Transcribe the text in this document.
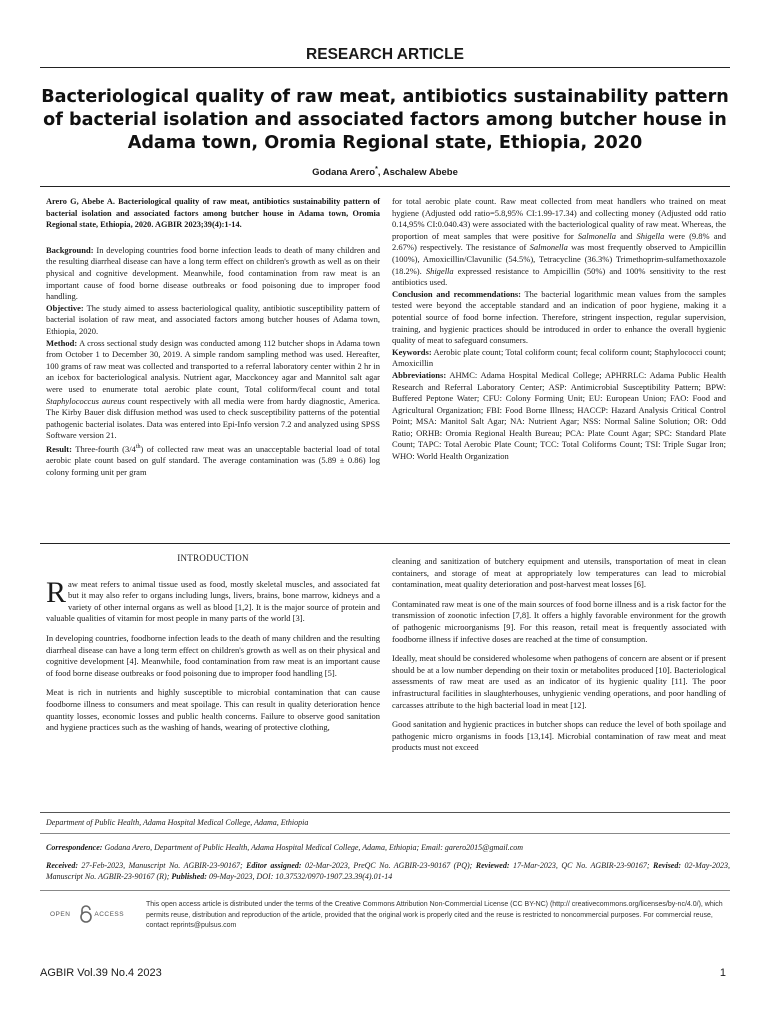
RESEARCH ARTICLE
Bacteriological quality of raw meat, antibiotics sustainability pattern
of bacterial isolation and associated factors among butcher house in
Adama town, Oromia Regional state, Ethiopia, 2020
Godana Arero*, Aschalew Abebe

Arero G, Abebe A. Bacteriological quality of raw meat, antibiotics sustainability pattern of bacterial isolation and associated factors among butcher house in Adama town, Oromia Regional state, Ethiopia, 2020. AGBIR 2023;39(4):1-14.

Background: In developing countries food borne infection leads to death of many children and the resulting diarrheal disease can have a long term effect on children's growth as well as on their physical and cognitive development. Meanwhile, food contamination from raw meat is an important cause of food borne disease outbreaks or food poisoning due to improper food handling.

Objective: The study aimed to assess bacteriological quality, antibiotic susceptibility pattern of bacterial isolation of raw meat, and associated factors among butcher houses of Adama town, Ethiopia, 2020.

Method: A cross sectional study design was conducted among 112 butcher shops in Adama town from October 1 to December 30, 2019. A simple random sampling method was used. Hereafter, 100 grams of raw meat was collected and transported to a referral laboratory center within 2 hr in an icebox for bacteriological analysis. Nutrient agar, Macckoncey agar and Mannitol salt agar were used to enumerate total aerobic plate count, Total coliform/fecal count and total Staphylococcus aureus count respectively with all media were from hardy diagnostic, America. The Kirby Bauer disk diffusion method was used to check susceptibility patterns of the potential pathogenic bacterial isolates. Data was entered into Epi-Info version 7.2 and analyzed using SPSS Software version 21.

Result: Three-fourth (3/4th) of collected raw meat was an unacceptable bacterial load of total aerobic plate count based on gulf standard. The average contamination was (5.89 ± 0.86) log colony forming unit per gram

for total aerobic plate count. Raw meat collected from meat handlers who trained on meat hygiene (Adjusted odd ratio=5.8,95% CI:1.99-17.34) and collecting money (Adjusted odd ratio 0.14,95% CI:0.040.43) were associated with the bacteriological quality of raw meat. Whereas, the proportion of meat samples that were positive for Salmonella and Shigella were (9.8% and 2.67%) respectively. The resistance of Salmonella was most frequently observed to Ampicillin (100%), Amoxicillin/Clavunilic (54.5%), Tetracycline (36.3%) Trimethoprim-sulfamethoxazole (18.2%). Shigella expressed resistance to Ampicillin (50%) and 100% sensitivity to the rest antibiotics used.

Conclusion and recommendations: The bacterial logarithmic mean values from the samples tested were beyond the acceptable standard and an indication of poor hygiene, making it a potential source of food borne infection. Therefore, stringent inspection, regular supervision, training, and hygienic practices should be introduced in order to enhance the overall hygienic quality of meat to safeguard consumers.

Keywords: Aerobic plate count; Total coliform count; fecal coliform count; Staphylococci count; Amoxicillin

Abbreviations: AHMC: Adama Hospital Medical College; APHRRLC: Adama Public Health Research and Referral Laboratory Center; ASP: Antimicrobial Susceptibility Pattern; BPW: Buffered Peptone Water; CFU: Colony Forming Unit; EU: European Union; FAO: Food and Agricultural Organization; FBI: Food Borne Illness; HACCP: Hazard Analysis Critical Control Point; MSA: Manitol Salt Agar; NA: Nutrient Agar; NSS: Normal Saline Solution; OR: Odd Ratio; ORHB: Oromia Regional Health Bureau; PCA: Plate Count Agar; SPC: Standard Plate Count; TAPC: Total Aerobic Plate Count; TCC: Total Coliforms Count; TSI: Triple Sugar Iron; WHO: World Health Organization

INTRODUCTION

Raw meat refers to animal tissue used as food, mostly skeletal muscles, and associated fat but it may also refer to organs including lungs, livers, brains, bone marrow, kidneys and a variety of other internal organs as well as blood [1,2]. It is the major source of protein and valuable qualities of vitamin for most people in many parts of the world [3].

In developing countries, foodborne infection leads to the death of many children and the resulting diarrheal disease can have a long term effect on children's growth as well as on their physical and cognitive development [4]. Meanwhile, food contamination from raw meat is an important cause of food borne disease outbreaks or food poisoning due to improper food handling [5].

Meat is rich in nutrients and highly susceptible to microbial contamination that can cause foodborne illness to consumers and meat spoilage. This can result in quality deterioration hence quantity losses, economic losses and public health concerns. Failure to observe good sanitation and hygiene practices such as the washing of hands, wearing of protective clothing,

cleaning and sanitization of butchery equipment and utensils, transportation of meat in clean containers, and storage of meat at appropriately low temperatures can lead to microbial contamination, meat quality deterioration and post-harvest meat losses [6].

Contaminated raw meat is one of the main sources of food borne illness and is a risk factor for the transmission of zoonotic infection [7,8]. It offers a highly favorable environment for the growth of pathogenic microorganisms [9]. For this reason, retail meat is frequently associated with foodborne illness if infective doses are reached at the time of consumption.

Ideally, meat should be considered wholesome when pathogens of concern are absent or if present should be at a low number depending on their toxin or metabolites produced [10]. Bacteriological assessments of raw meat are used as an indicator of its hygienic quality [11]. The poor infrastructural facilities in slaughterhouses, unhygienic vending operations, and poor handling of carcasses attribute to the high bacterial load in meat [12].

Good sanitation and hygienic practices in butcher shops can reduce the level of both spoilage and pathogenic micro organisms in foods [13,14]. Microbial contamination of raw meat and meat products must not exceed

Department of Public Health, Adama Hospital Medical College, Adama, Ethiopia
Correspondence: Godana Arero, Department of Public Health, Adama Hospital Medical College, Adama, Ethiopia; Email: garero2015@gmail.com
Received: 27-Feb-2023, Manuscript No. AGBIR-23-90167; Editor assigned: 02-Mar-2023, PreQC No. AGBIR-23-90167 (PQ); Reviewed: 17-Mar-2023, QC No. AGBIR-23-90167; Revised: 02-May-2023, Manuscript No. AGBIR-23-90167 (R); Published: 09-May-2023, DOI: 10.37532/0970-1907.23.39(4).01-14
OPEN ACCESS
This open access article is distributed under the terms of the Creative Commons Attribution Non-Commercial License (CC BY-NC) (http:// creativecommons.org/licenses/by-nc/4.0/), which permits reuse, distribution and reproduction of the article, provided that the original work is properly cited and the reuse is restricted to noncommercial purposes. For commercial reuse, contact reprints@pulsus.com
AGBIR Vol.39 No.4 2023	1
